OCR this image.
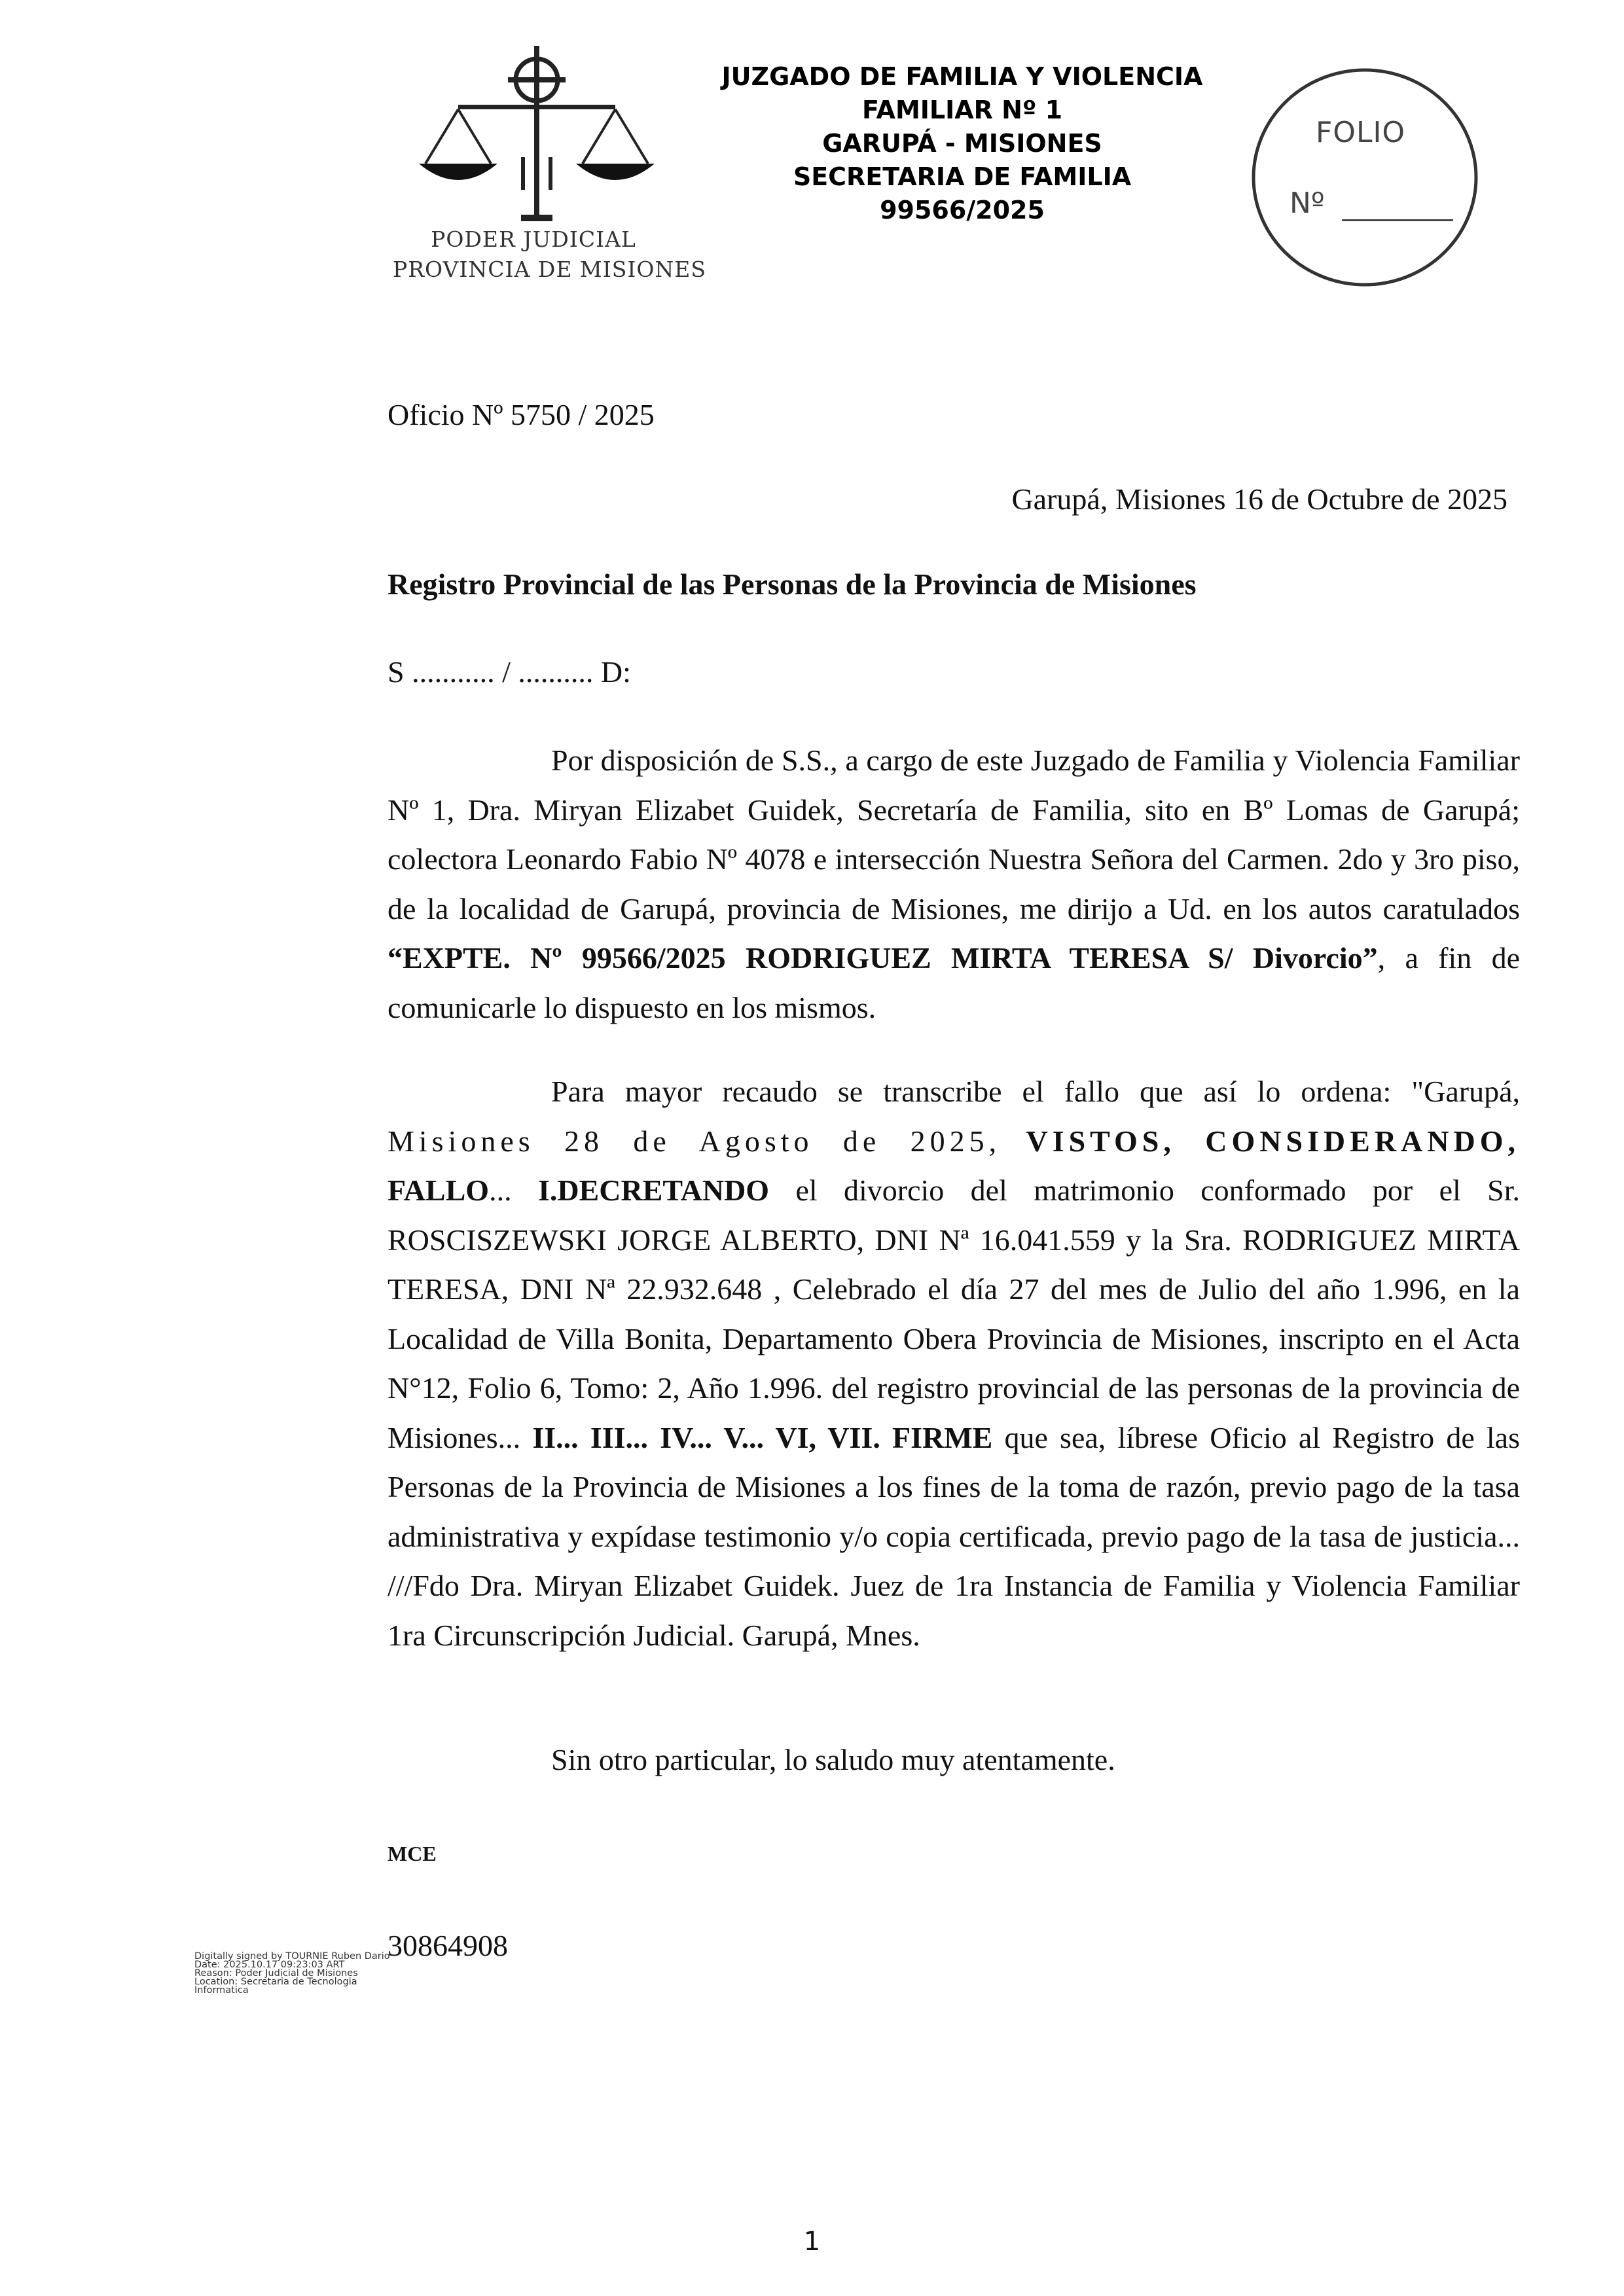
PODER JUDICIAL
PROVINCIA DE MISIONES
JUZGADO DE FAMILIA Y VIOLENCIA
FAMILIAR Nº 1
GARUPÁ - MISIONES
SECRETARIA DE FAMILIA
99566/2025
FOLIO
Nº
Oficio Nº 5750 / 2025
Garupá, Misiones 16 de Octubre de 2025
Registro Provincial de las Personas de la Provincia de Misiones
S ........... / .......... D:
Por disposición de S.S., a cargo de este Juzgado de Familia y Violencia Familiar Nº 1, Dra. Miryan Elizabet Guidek, Secretaría de Familia, sito en Bº Lomas de Garupá; colectora Leonardo Fabio Nº 4078 e intersección Nuestra Señora del Carmen. 2do y 3ro piso, de la localidad de Garupá, provincia de Misiones, me dirijo a Ud. en los autos caratulados “EXPTE. Nº 99566/2025 RODRIGUEZ MIRTA TERESA S/ Divorcio”, a fin de comunicarle lo dispuesto en los mismos.
Para mayor recaudo se transcribe el fallo que así lo ordena: "Garupá, Misiones 28 de Agosto de 2025, VISTOS, CONSIDERANDO, FALLO... I.DECRETANDO el divorcio del matrimonio conformado por el Sr. ROSCISZEWSKI JORGE ALBERTO, DNI Nª 16.041.559 y la Sra. RODRIGUEZ MIRTA TERESA, DNI Nª 22.932.648 , Celebrado el día 27 del mes de Julio del año 1.996, en la Localidad de Villa Bonita, Departamento Obera Provincia de Misiones, inscripto en el Acta N°12, Folio 6, Tomo: 2, Año 1.996. del registro provincial de las personas de la provincia de Misiones... II... III... IV... V... VI, VII. FIRME que sea, líbrese Oficio al Registro de las Personas de la Provincia de Misiones a los fines de la toma de razón, previo pago de la tasa administrativa y expídase testimonio y/o copia certificada, previo pago de la tasa de justicia... ///Fdo Dra. Miryan Elizabet Guidek. Juez de 1ra Instancia de Familia y Violencia Familiar 1ra Circunscripción Judicial. Garupá, Mnes.
Sin otro particular, lo saludo muy atentamente.
MCE
30864908
Digitally signed by TOURNIE Ruben Dario
Date: 2025.10.17 09:23:03 ART
Reason: Poder Judicial de Misiones
Location: Secretaria de Tecnologia
Informatica
1
